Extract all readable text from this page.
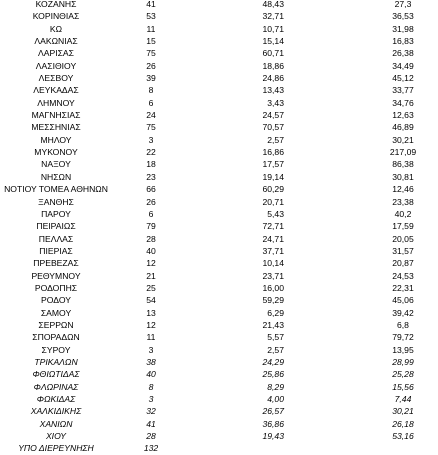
ΚΟΖΑΝΗΣ	41	48,43	27,3
ΚΟΡΙΝΘΙΑΣ	53	32,71	36,53
ΚΩ	11	10,71	31,98
ΛΑΚΩΝΙΑΣ	15	15,14	16,83
ΛΑΡΙΣΑΣ	75	60,71	26,38
ΛΑΣΙΘΙΟΥ	26	18,86	34,49
ΛΕΣΒΟΥ	39	24,86	45,12
ΛΕΥΚΑΔΑΣ	8	13,43	33,77
ΛΗΜΝΟΥ	6	3,43	34,76
ΜΑΓΝΗΣΙΑΣ	24	24,57	12,63
ΜΕΣΣΗΝΙΑΣ	75	70,57	46,89
ΜΗΛΟΥ	3	2,57	30,21
ΜΥΚΟΝΟΥ	22	16,86	217,09
ΝΑΞΟΥ	18	17,57	86,38
ΝΗΣΩΝ	23	19,14	30,81
ΝΟΤΙΟΥ ΤΟΜΕΑ ΑΘΗΝΩΝ	66	60,29	12,46
ΞΑΝΘΗΣ	26	20,71	23,38
ΠΑΡΟΥ	6	5,43	40,2
ΠΕΙΡΑΙΩΣ	79	72,71	17,59
ΠΕΛΛΑΣ	28	24,71	20,05
ΠΙΕΡΙΑΣ	40	37,71	31,57
ΠΡΕΒΕΖΑΣ	12	10,14	20,87
ΡΕΘΥΜΝΟΥ	21	23,71	24,53
ΡΟΔΟΠΗΣ	25	16,00	22,31
ΡΟΔΟΥ	54	59,29	45,06
ΣΑΜΟΥ	13	6,29	39,42
ΣΕΡΡΩΝ	12	21,43	6,8
ΣΠΟΡΑΔΩΝ	11	5,57	79,72
ΣΥΡΟΥ	3	2,57	13,95
ΤΡΙΚΑΛΩΝ	38	24,29	28,99
ΦΘΙΩΤΙΔΑΣ	40	25,86	25,28
ΦΛΩΡΙΝΑΣ	8	8,29	15,56
ΦΩΚΙΔΑΣ	3	4,00	7,44
ΧΑΛΚΙΔΙΚΗΣ	32	26,57	30,21
ΧΑΝΙΩΝ	41	36,86	26,18
ΧΙΟΥ	28	19,43	53,16
ΥΠΟ ΔΙΕΡΕΥΝΗΣΗ	132
